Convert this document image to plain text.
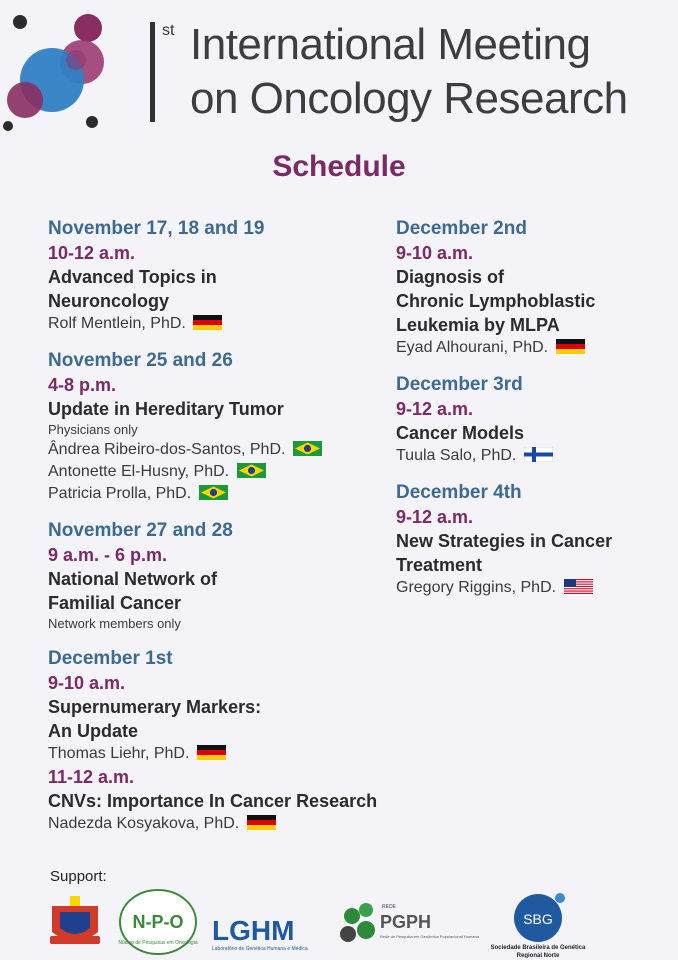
st International Meeting
on Oncology Research
Schedule
November 17, 18 and 19
10-12 a.m.
Advanced Topics in
Neuroncology
Rolf Mentlein, PhD.
November 25 and 26
4-8 p.m.
Update in Hereditary Tumor
Physicians only
Ândrea Ribeiro-dos-Santos, PhD.
Antonette El-Husny, PhD.
Patricia Prolla, PhD.
November 27 and 28
9 a.m. - 6 p.m.
National Network of
Familial Cancer
Network members only
December 1st
9-10 a.m.
Supernumerary Markers:
An Update
Thomas Liehr, PhD.
11-12 a.m.
CNVs: Importance In Cancer Research
Nadezda Kosyakova, PhD.
December 2nd
9-10 a.m.
Diagnosis of
Chronic Lymphoblastic
Leukemia by MLPA
Eyad Alhourani, PhD.
December 3rd
9-12 a.m.
Cancer Models
Tuula Salo, PhD.
December 4th
9-12 a.m.
New Strategies in Cancer
Treatment
Gregory Riggins, PhD.
Support:
N-P-O
Núcleo de Pesquisas em Oncologia LGHM
Laboratório de Genética Humana e Médica
REDE
PGPH
Rede de Pesquisa em Genômica Populacional Humana
SBG
Sociedade Brasileira de Genética
Regional Norte
